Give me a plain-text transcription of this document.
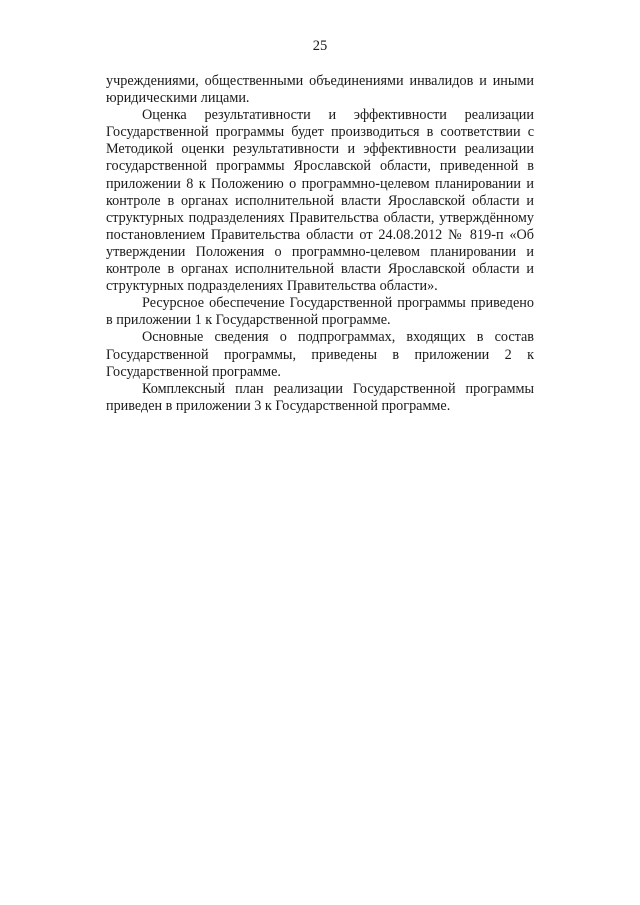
25

учреждениями, общественными объединениями инвалидов и иными юридическими лицами.

Оценка результативности и эффективности реализации Государственной программы будет производиться в соответствии с Методикой оценки результативности и эффективности реализации государственной программы Ярославской области, приведенной в приложении 8 к Положению о программно-целевом планировании и контроле в органах исполнительной власти Ярославской области и структурных подразделениях Правительства области, утверждённому постановлением Правительства области от 24.08.2012 № 819-п «Об утверждении Положения о программно-целевом планировании и контроле в органах исполнительной власти Ярославской области и структурных подразделениях Правительства области».

Ресурсное обеспечение Государственной программы приведено в приложении 1 к Государственной программе.

Основные сведения о подпрограммах, входящих в состав Государственной программы, приведены в приложении 2 к Государственной программе.

Комплексный план реализации Государственной программы приведен в приложении 3 к Государственной программе.
